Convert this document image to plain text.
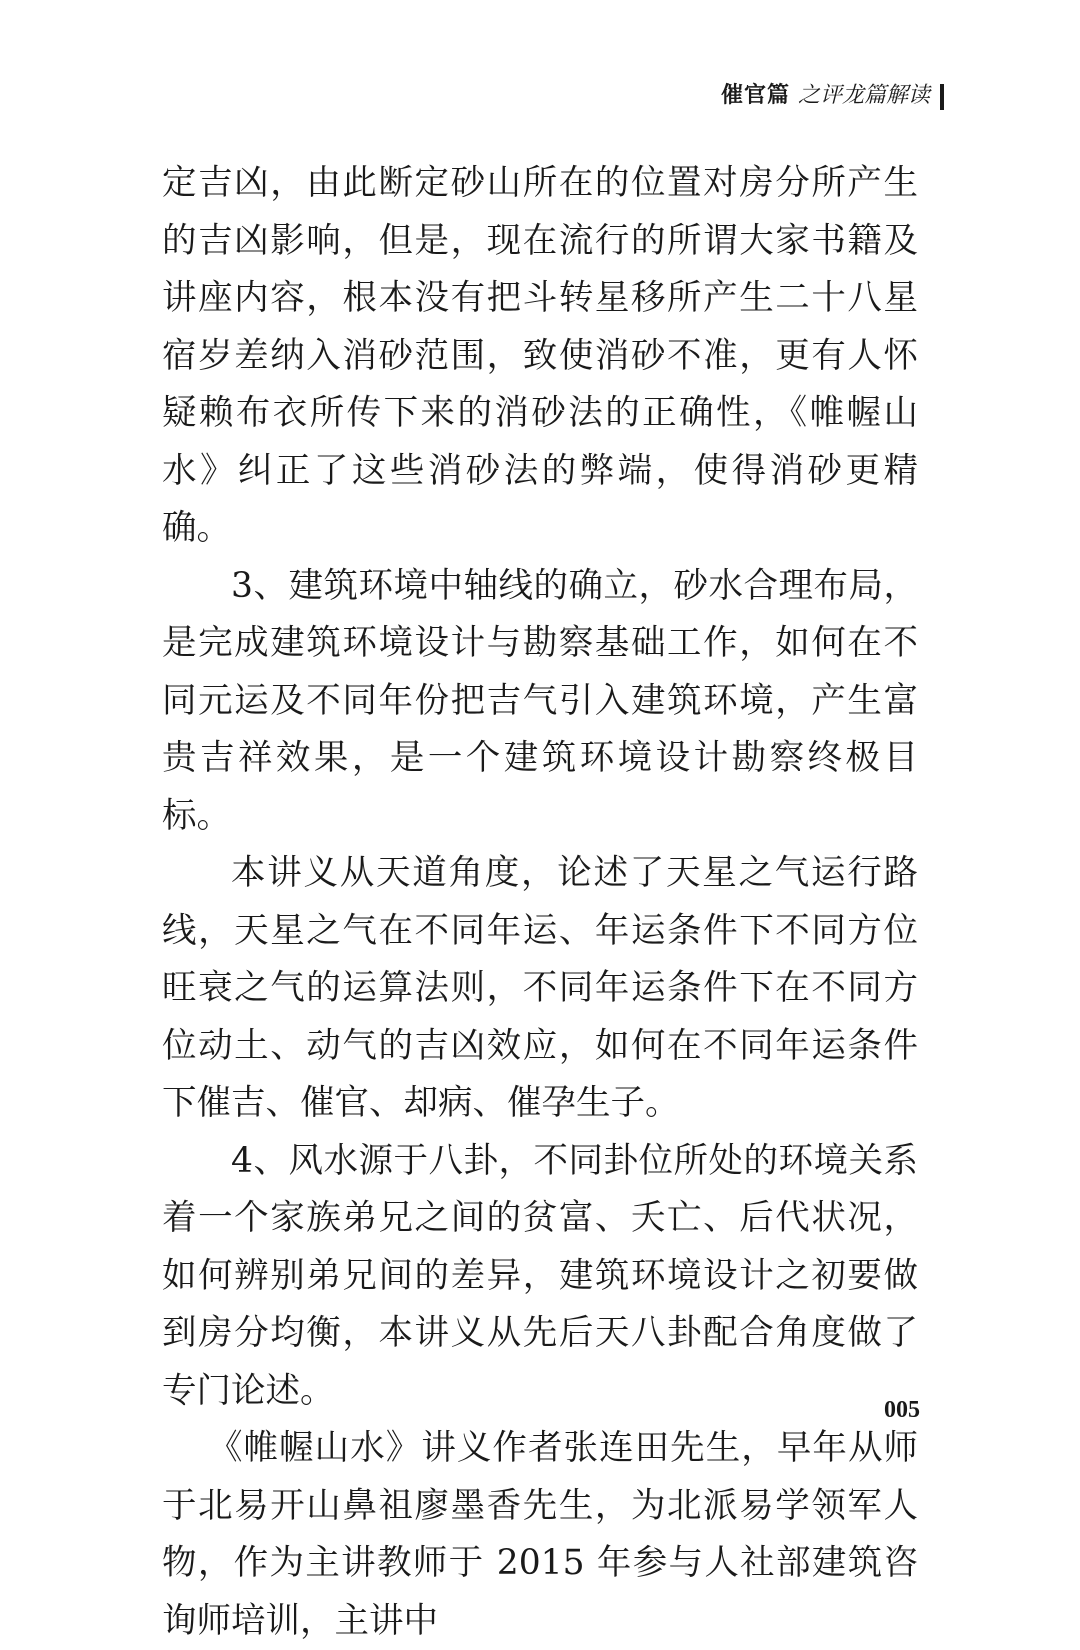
催官篇 之评龙篇解读

定吉凶，由此断定砂山所在的位置对房分所产生的吉凶影响，但是，现在流行的所谓大家书籍及讲座内容，根本没有把斗转星移所产生二十八星宿岁差纳入消砂范围，致使消砂不准，更有人怀疑赖布衣所传下来的消砂法的正确性，《帷幄山水》纠正了这些消砂法的弊端，使得消砂更精确。

3、建筑环境中轴线的确立，砂水合理布局，是完成建筑环境设计与勘察基础工作，如何在不同元运及不同年份把吉气引入建筑环境，产生富贵吉祥效果，是一个建筑环境设计勘察终极目标。

本讲义从天道角度，论述了天星之气运行路线，天星之气在不同年运、年运条件下不同方位旺衰之气的运算法则，不同年运条件下在不同方位动土、动气的吉凶效应，如何在不同年运条件下催吉、催官、却病、催孕生子。

4、风水源于八卦，不同卦位所处的环境关系着一个家族弟兄之间的贫富、夭亡、后代状况，如何辨别弟兄间的差异，建筑环境设计之初要做到房分均衡，本讲义从先后天八卦配合角度做了专门论述。

《帷幄山水》讲义作者张连田先生，早年从师于北易开山鼻祖廖墨香先生，为北派易学领军人物，作为主讲教师于 2015 年参与人社部建筑咨询师培训，主讲中

005
